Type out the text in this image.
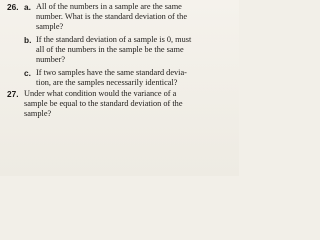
26. a. All of the numbers in a sample are the same
number. What is the standard deviation of the
sample?
b. If the standard deviation of a sample is 0, must
all of the numbers in the sample be the same
number?
c. If two samples have the same standard devia-
tion, are the samples necessarily identical?
27. Under what condition would the variance of a
sample be equal to the standard deviation of the
sample?
